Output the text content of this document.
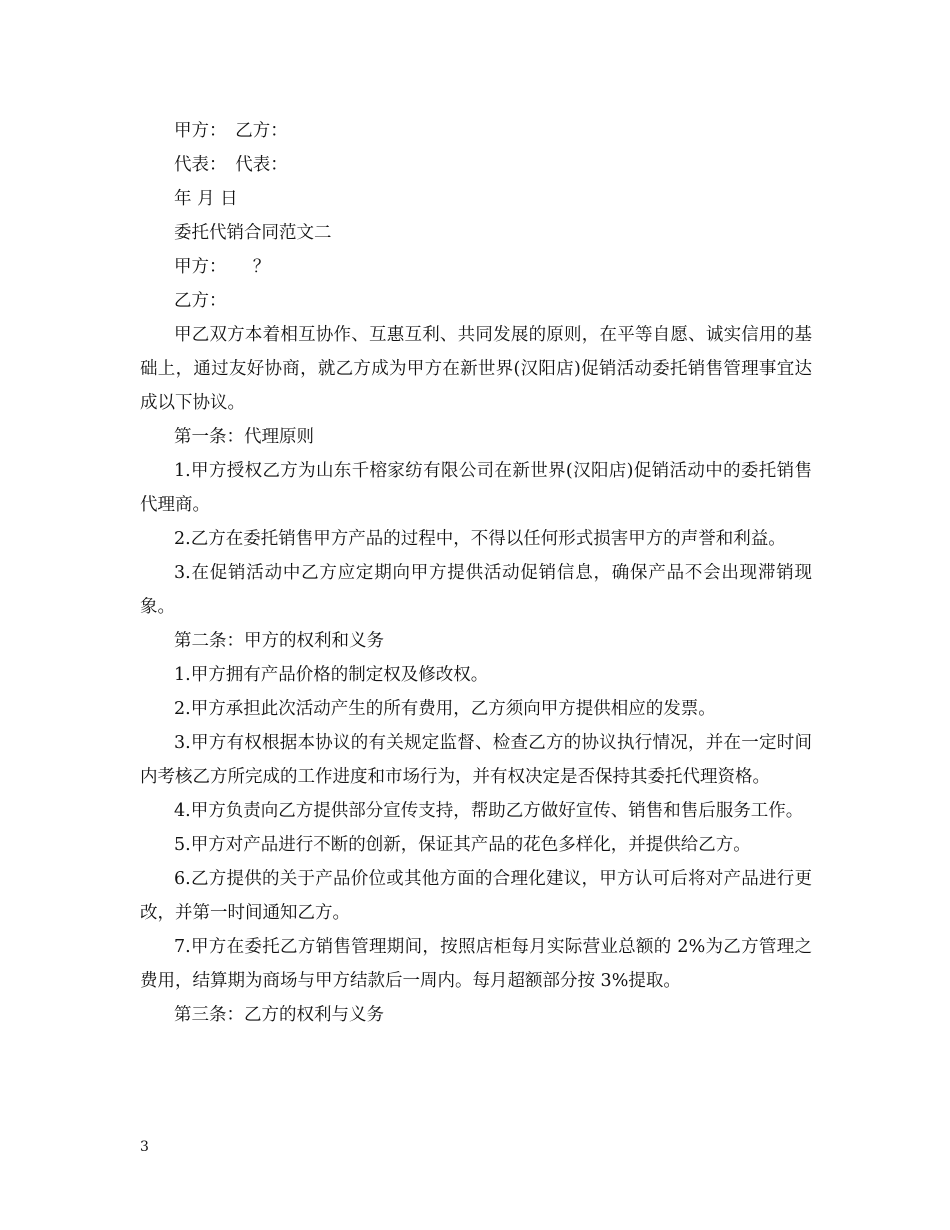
甲方：　乙方：

代表：　代表：

年 月 日

委托代销合同范文二

甲方：　　？

乙方：

甲乙双方本着相互协作、互惠互利、共同发展的原则，在平等自愿、诚实信用的基础上，通过友好协商，就乙方成为甲方在新世界(汉阳店)促销活动委托销售管理事宜达成以下协议。

第一条：代理原则

1.甲方授权乙方为山东千榕家纺有限公司在新世界(汉阳店)促销活动中的委托销售代理商。

2.乙方在委托销售甲方产品的过程中，不得以任何形式损害甲方的声誉和利益。

3.在促销活动中乙方应定期向甲方提供活动促销信息，确保产品不会出现滞销现象。

第二条：甲方的权利和义务

1.甲方拥有产品价格的制定权及修改权。

2.甲方承担此次活动产生的所有费用，乙方须向甲方提供相应的发票。

3.甲方有权根据本协议的有关规定监督、检查乙方的协议执行情况，并在一定时间内考核乙方所完成的工作进度和市场行为，并有权决定是否保持其委托代理资格。

4.甲方负责向乙方提供部分宣传支持，帮助乙方做好宣传、销售和售后服务工作。

5.甲方对产品进行不断的创新，保证其产品的花色多样化，并提供给乙方。

6.乙方提供的关于产品价位或其他方面的合理化建议，甲方认可后将对产品进行更改，并第一时间通知乙方。

7.甲方在委托乙方销售管理期间，按照店柜每月实际营业总额的 2%为乙方管理之费用，结算期为商场与甲方结款后一周内。每月超额部分按 3%提取。

第三条：乙方的权利与义务

3
